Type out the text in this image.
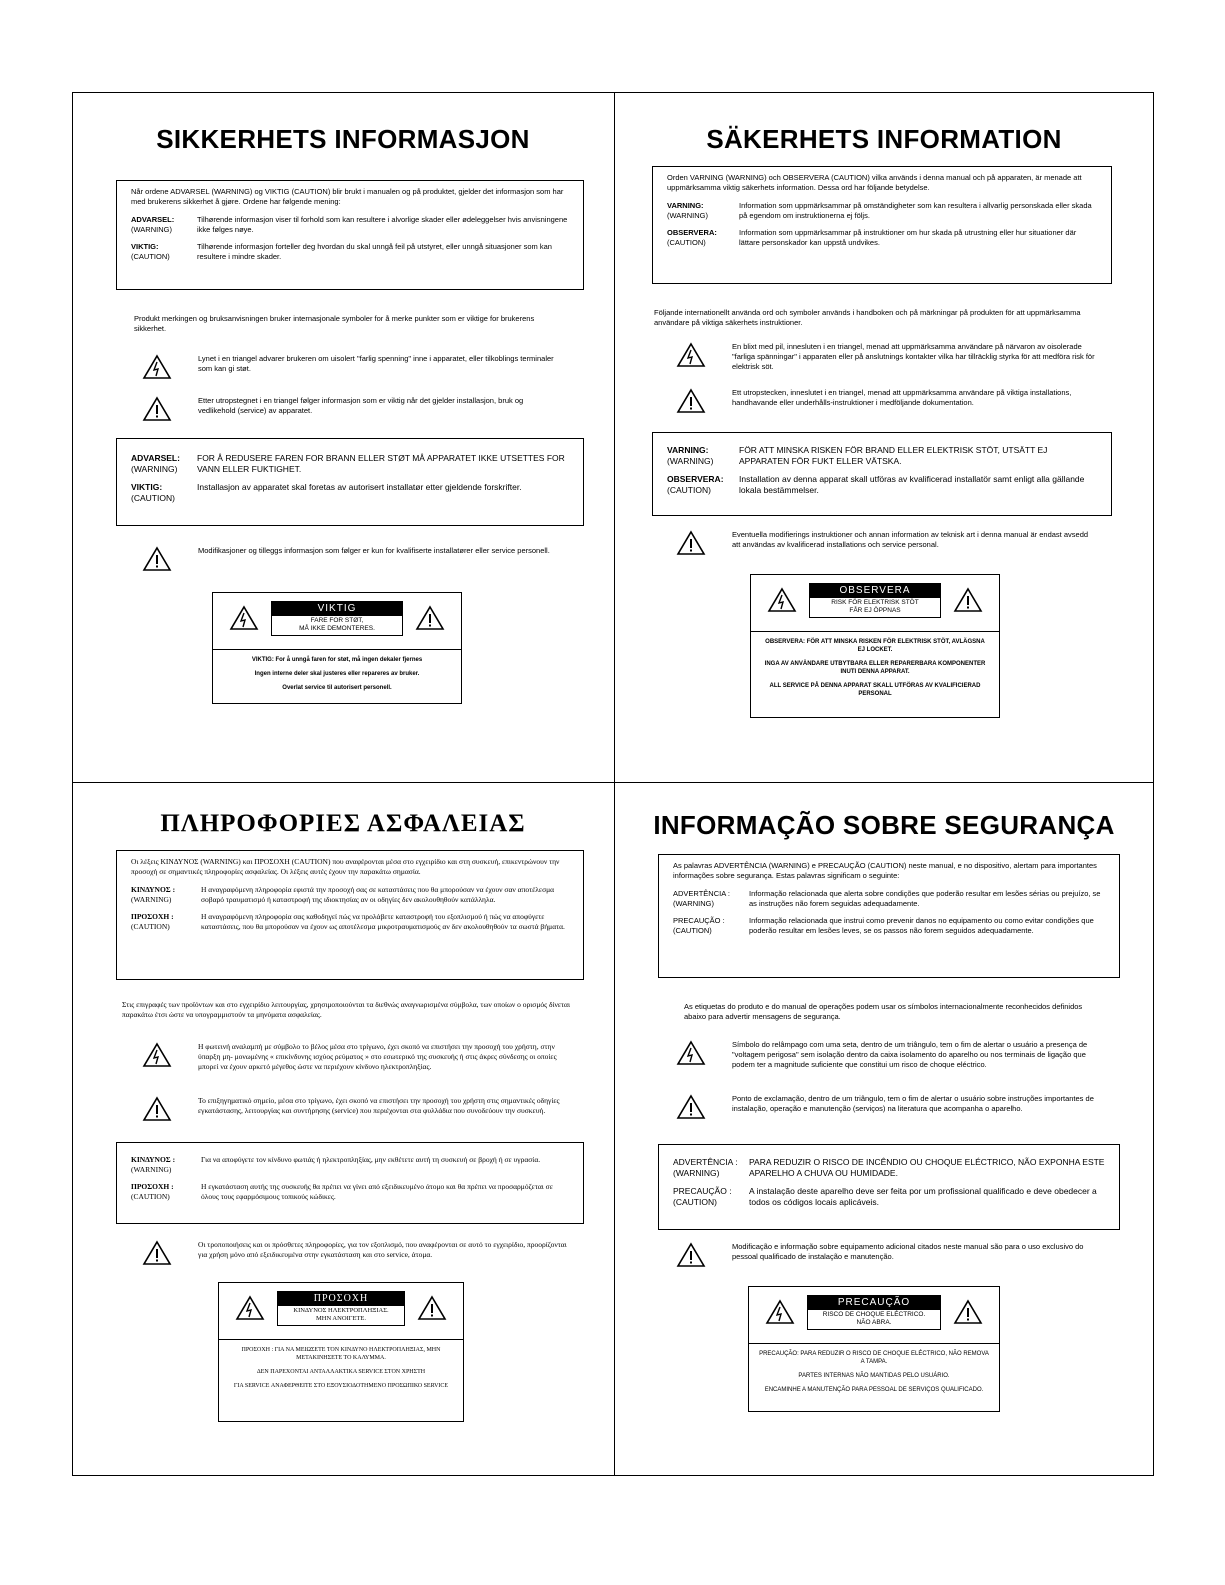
SIKKERHETS INFORMASJON
Når ordene ADVARSEL (WARNING) og VIKTIG (CAUTION) blir brukt i manualen og på produktet, gjelder det informasjon som har med brukerens sikkerhet å gjøre. Ordene har følgende mening:
ADVARSEL:
(WARNING)
Tilhørende informasjon viser til forhold som kan resultere i alvorlige skader eller ødeleggelser hvis anvisningene ikke følges nøye.
VIKTIG:
(CAUTION)
Tilhørende informasjon forteller deg hvordan du skal unngå feil på utstyret, eller unngå situasjoner som kan resultere i mindre skader.
Produkt merkingen og bruksanvisningen bruker internasjonale symboler for å merke punkter som er viktige for brukerens sikkerhet.
Lynet i en triangel advarer brukeren om uisolert "farlig spenning" inne i apparatet, eller tilkoblings terminaler som kan gi støt.
Etter utropstegnet i en triangel følger informasjon som er viktig når det gjelder installasjon, bruk og vedlikehold (service) av apparatet.
ADVARSEL:
(WARNING)
FOR Å REDUSERE FAREN FOR BRANN ELLER STØT MÅ APPARATET IKKE UTSETTES FOR VANN ELLER FUKTIGHET.
VIKTIG:
(CAUTION)
Installasjon av apparatet skal foretas av autorisert installatør etter gjeldende forskrifter.
Modifikasjoner og tilleggs informasjon som følger er kun for kvalifiserte installatører eller service personell.
VIKTIG
FARE FOR STØT,
MÅ IKKE DEMONTERES.
VIKTIG: For å unngå faren for støt, må ingen dekaler fjernes
Ingen interne deler skal justeres eller repareres av bruker.
Overlat service til autorisert personell.
SÄKERHETS INFORMATION
Orden VARNING (WARNING) och OBSERVERA (CAUTION) vilka används i denna manual och på apparaten, är menade att uppmärksamma viktig säkerhets information. Dessa ord har följande betydelse.
VARNING:
(WARNING)
Information som uppmärksammar på omständigheter som kan resultera i allvarlig personskada eller skada på egendom om instruktionerna ej följs.
OBSERVERA:
(CAUTION)
Information som uppmärksammar på instruktioner om hur skada på utrustning eller hur situationer där lättare personskador kan uppstå undvikes.
Följande internationellt använda ord och symboler används i handboken och på märkningar på produkten för att uppmärksamma användare på viktiga säkerhets instruktioner.
En blixt med pil, innesluten i en triangel, menad att uppmärksamma användare på närvaron av oisolerade "farliga spänningar" i apparaten eller på anslutnings kontakter vilka har tillräcklig styrka för att medföra risk för elektrisk söt.
Ett utropstecken, inneslutet i en triangel, menad att uppmärksamma användare på viktiga installations, handhavande eller underhålls-instruktioner i medföljande dokumentation.
VARNING:
(WARNING)
FÖR ATT MINSKA RISKEN FÖR BRAND ELLER ELEKTRISK STÖT, UTSÄTT EJ APPARATEN FÖR FUKT ELLER VÄTSKA.
OBSERVERA:
(CAUTION)
Installation av denna apparat skall utföras av kvalificerad installatör samt enligt alla gällande lokala bestämmelser.
Eventuella modifierings instruktioner och annan information av teknisk art i denna manual är endast avsedd att användas av kvalificerad installations och service personal.
OBSERVERA
RISK FÖR ELEKTRISK STÖT
FÅR EJ ÖPPNAS
OBSERVERA: FÖR ATT MINSKA RISKEN FÖR ELEKTRISK STÖT, AVLÄGSNA EJ LOCKET.
INGA AV ANVÄNDARE UTBYTBARA ELLER REPARERBARA KOMPONENTER INUTI DENNA APPARAT.
ALL SERVICE PÅ DENNA APPARAT SKALL UTFÖRAS AV KVALIFICIERAD PERSONAL
ΠΛΗΡΟΦΟΡΙΕΣ ΑΣΦΑΛΕΙΑΣ
Οι λέξεις ΚΙΝΔΥΝΟΣ (WARNING) και ΠΡΟΣΟΧΗ (CAUTION) που αναφέρονται μέσα στο εγχειρίδιο και στη συσκευή, επικεντρώνουν την προσοχή σε σημαντικές πληροφορίες ασφαλείας. Οι λέξεις αυτές έχουν την παρακάτω σημασία.
ΚΙΝΔΥΝΟΣ :
(WARNING)
Η αναγραφόμενη πληροφορία εφιστά την προσοχή σας σε καταστάσεις που θα μπορούσαν να έχουν σαν αποτέλεσμα σοβαρό τραυματισμό ή καταστροφή της ιδιοκτησίας αν οι οδηγίες δεν ακολουθηθούν κατάλληλα.
ΠΡΟΣΟΧΗ :
(CAUTION)
Η αναγραφόμενη πληροφορία σας καθοδηγεί πώς να προλάβετε καταστροφή του εξοπλισμού ή πώς να αποφύγετε καταστάσεις, που θα μπορούσαν να έχουν ως αποτέλεσμα μικροτραυματισμούς αν δεν ακολουθηθούν τα σωστά βήματα.
Στις επιγραφές των προϊόντων και στο εγχειρίδιο λειτουργίας, χρησιμοποιούνται τα διεθνώς αναγνωρισμένα σύμβολα, των οποίων ο ορισμός δίνεται παρακάτω έτσι ώστε να υπογραμμιστούν τα μηνύματα ασφαλείας.
Η φωτεινή αναλαμπή με σύμβολο το βέλος μέσα στο τρίγωνο, έχει σκοπό να επιστήσει την προσοχή του χρήστη, στην ύπαρξη μη- μονωμένης « επικίνδυνης ισχύος ρεύματος » στο εσωτερικό της συσκευής ή στις άκρες σύνδεσης οι οποίες μπορεί να έχουν αρκετό μέγεθος ώστε να περιέχουν κίνδυνο ηλεκτροπληξίας.
Το επιξηγηματικό σημείο, μέσα στο τρίγωνο, έχει σκοπό να επιστήσει την προσοχή του χρήστη στις σημαντικές οδηγίες εγκατάστασης, λειτουργίας και συντήρησης (service) που περιέχονται στα φυλλάδια που συνοδεύουν την συσκευή.
ΚΙΝΔΥΝΟΣ :
(WARNING)
Για να αποφύγετε τον κίνδυνο φωτιάς ή ηλεκτροπληξίας, μην εκθέτετε αυτή τη συσκευή σε βροχή ή σε υγρασία.
ΠΡΟΣΟΧΗ :
(CAUTION)
Η εγκατάσταση αυτής της συσκευής θα πρέπει να γίνει από εξειδικευμένο άτομο και θα πρέπει να προσαρμόζεται σε όλους τους εφαρμόσιμους τοπικούς κώδικες.
Οι τροποποιήσεις και οι πρόσθετες πληροφορίες, για τον εξοπλισμό, που αναφέρονται σε αυτό το εγχειρίδιο, προορίζονται για χρήση μόνο από εξειδικευμένα στην εγκατάσταση και στο service, άτομα.
ΠΡΟΣΟΧΗ
ΚΙΝΔΥΝΟΣ ΗΛΕΚΤΡΟΠΛΗΞΙΑΣ.
ΜΗΝ ΑΝΟΙΓΕΤΕ.
ΠΡΟΣΟΧΗ : ΓΙΑ ΝΑ ΜΕΙΩΣΕΤΕ ΤΟΝ ΚΙΝΔΥΝΟ ΗΛΕΚΤΡΟΠΛΗΞΙΑΣ, ΜΗΝ ΜΕΤΑΚΙΝΗΣΕΤΕ ΤΟ ΚΑΛΥΜΜΑ.
ΔΕΝ ΠΑΡΕΧΟΝΤΑΙ ΑΝΤΑΛΛΑΚΤΙΚΑ SERVICE ΣΤΟΝ ΧΡΗΣΤΗ
ΓΙΑ SERVICE ΑΝΑΦΕΡΘΕΙΤΕ ΣΤΟ ΕΞΟΥΣΙΟΔΟΤΗΜΕΝΟ ΠΡΟΣΩΠΙΚΟ SERVICE
INFORMAÇÃO SOBRE SEGURANÇA
As palavras ADVERTÊNCIA (WARNING) e PRECAUÇÃO (CAUTION) neste manual, e no dispositivo, alertam para importantes informações sobre segurança. Estas palavras significam o seguinte:
ADVERTÊNCIA :
(WARNING)
Informação relacionada que alerta sobre condições que poderão resultar em lesões sérias ou prejuízo, se as instruções não forem seguidas adequadamente.
PRECAUÇÃO :
(CAUTION)
Informação relacionada que instrui como prevenir danos no equipamento ou como evitar condições que poderão resultar em lesões leves, se os passos não forem seguidos adequadamente.
As etiquetas do produto e do manual de operações podem usar os símbolos internacionalmente reconhecidos definidos abaixo para advertir mensagens de segurança.
Símbolo do relâmpago com uma seta, dentro de um triângulo, tem o fim de alertar o usuário a presença de "voltagem perigosa" sem isolação dentro da caixa isolamento do aparelho ou nos terminais de ligação que podem ter a magnitude suficiente que constitui um risco de choque eléctrico.
Ponto de exclamação, dentro de um triângulo, tem o fim de alertar o usuário sobre instruções importantes de instalação, operação e manutenção (serviços) na literatura que acompanha o aparelho.
ADVERTÊNCIA :
(WARNING)
PARA REDUZIR O RISCO DE INCÊNDIO OU CHOQUE ELÉCTRICO, NÃO EXPONHA ESTE APARELHO A CHUVA OU HUMIDADE.
PRECAUÇÃO :
(CAUTION)
A instalação deste aparelho deve ser feita por um profissional qualificado e deve obedecer a todos os códigos locais aplicáveis.
Modificação e informação sobre equipamento adicional citados neste manual são para o uso exclusivo do pessoal qualificado de instalação e manutenção.
PRECAUÇÃO
RISCO DE CHOQUE ELÉCTRICO.
NÃO ABRA.
PRECAUÇÃO: PARA REDUZIR O RISCO DE CHOQUE ELÉCTRICO, NÃO REMOVA A TAMPA.
PARTES INTERNAS NÃO MANTIDAS PELO USUÁRIO.
ENCAMINHE A MANUTENÇÃO PARA PESSOAL DE SERVIÇOS QUALIFICADO.
